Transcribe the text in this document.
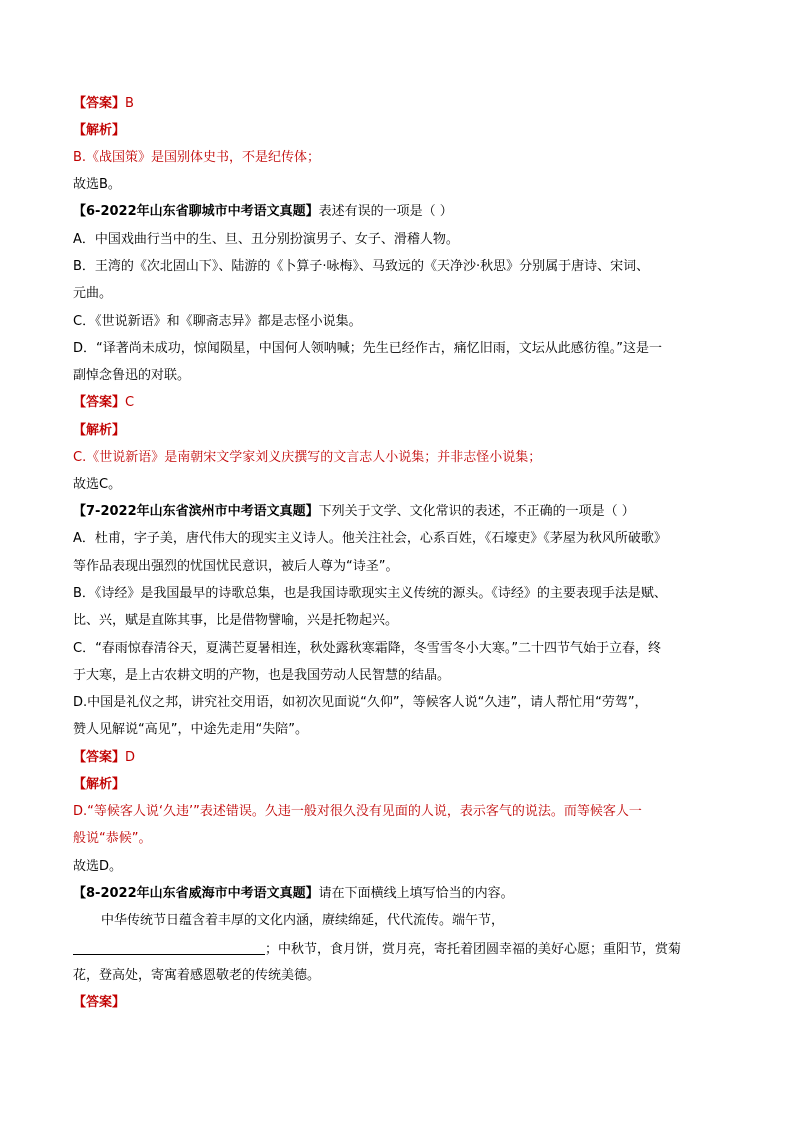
【答案】B
【解析】
B.《战国策》是国别体史书，不是纪传体；
故选B。
【6-2022年山东省聊城市中考语文真题】表述有误的一项是（ ）
A．中国戏曲行当中的生、旦、丑分别扮演男子、女子、滑稽人物。
B．王湾的《次北固山下》、陆游的《卜算子·咏梅》、马致远的《天净沙·秋思》分别属于唐诗、宋词、
元曲。
C．《世说新语》和《聊斋志异》都是志怪小说集。
D．“译著尚未成功，惊闻陨星，中国何人领呐喊；先生已经作古，痛忆旧雨，文坛从此感彷徨。”这是一
副悼念鲁迅的对联。
【答案】C
【解析】
C.《世说新语》是南朝宋文学家刘义庆撰写的文言志人小说集；并非志怪小说集；
故选C。
【7-2022年山东省滨州市中考语文真题】下列关于文学、文化常识的表述，不正确的一项是（ ）
A．杜甫，字子美，唐代伟大的现实主义诗人。他关注社会，心系百姓，《石壕吏》《茅屋为秋风所破歌》
等作品表现出强烈的忧国忧民意识，被后人尊为“诗圣”。
B．《诗经》是我国最早的诗歌总集，也是我国诗歌现实主义传统的源头。《诗经》的主要表现手法是赋、
比、兴，赋是直陈其事，比是借物譬喻，兴是托物起兴。
C．“春雨惊春清谷天，夏满芒夏暑相连，秋处露秋寒霜降，冬雪雪冬小大寒。”二十四节气始于立春，终
于大寒，是上古农耕文明的产物，也是我国劳动人民智慧的结晶。
D.中国是礼仪之邦，讲究社交用语，如初次见面说“久仰”，等候客人说“久违”，请人帮忙用“劳驾”，
赞人见解说“高见”，中途先走用“失陪”。
【答案】D
【解析】
D.“等候客人说‘久违’”表述错误。久违一般对很久没有见面的人说，表示客气的说法。而等候客人一
般说“恭候”。
故选D。
【8-2022年山东省威海市中考语文真题】请在下面横线上填写恰当的内容。
中华传统节日蕴含着丰厚的文化内涵，赓续绵延，代代流传。端午节，
；中秋节，食月饼，赏月亮，寄托着团圆幸福的美好心愿；重阳节，赏菊
花，登高处，寄寓着感恩敬老的传统美德。
【答案】
